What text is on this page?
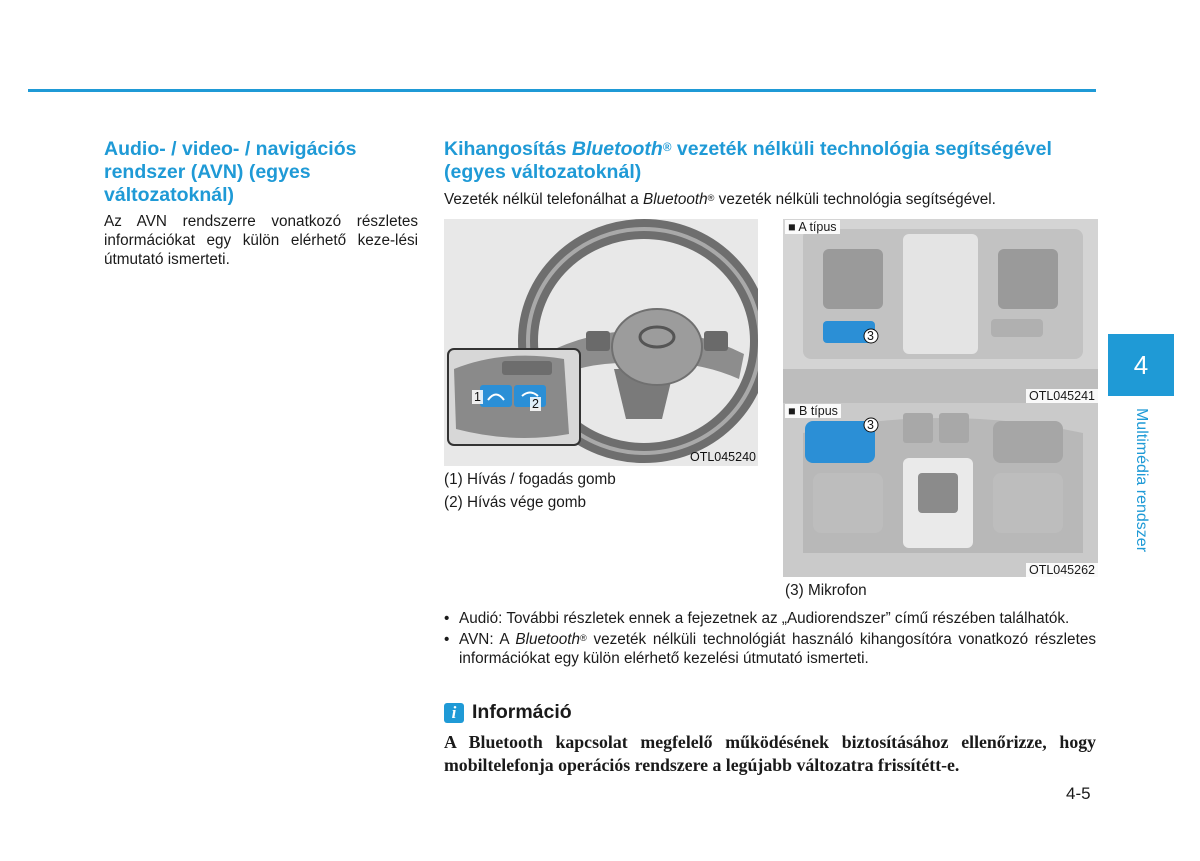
Audio- / video- / navigációs rendszer (AVN) (egyes változatoknál)

Az AVN rendszerre vonatkozó részletes információkat egy külön elérhető keze-lési útmutató ismerteti.

Kihangosítás Bluetooth® vezeték nélküli technológia segítségével (egyes változatoknál)

Vezeték nélkül telefonálhat a Bluetooth® vezeték nélküli technológia segítségével.

1	2
OTL045240

(1) Hívás / fogadás gomb

(2) Hívás vége gomb

■ A típus
3
OTL045241
■ B típus
3
OTL045262
(3) Mikrofon

• Audió: További részletek ennek a fejezetnek az „Audiorendszer” című részében találhatók.

• AVN: A Bluetooth® vezeték nélküli technológiát használó kihangosítóra vonatkozó részletes információkat egy külön elérhető kezelési útmutató ismerteti.

i Információ

A Bluetooth kapcsolat megfelelő működésének biztosításához ellenőrizze, hogy mobiltelefonja operációs rendszere a legújabb változatra frissítétt-e.

4-5
4
Multimédia rendszer
